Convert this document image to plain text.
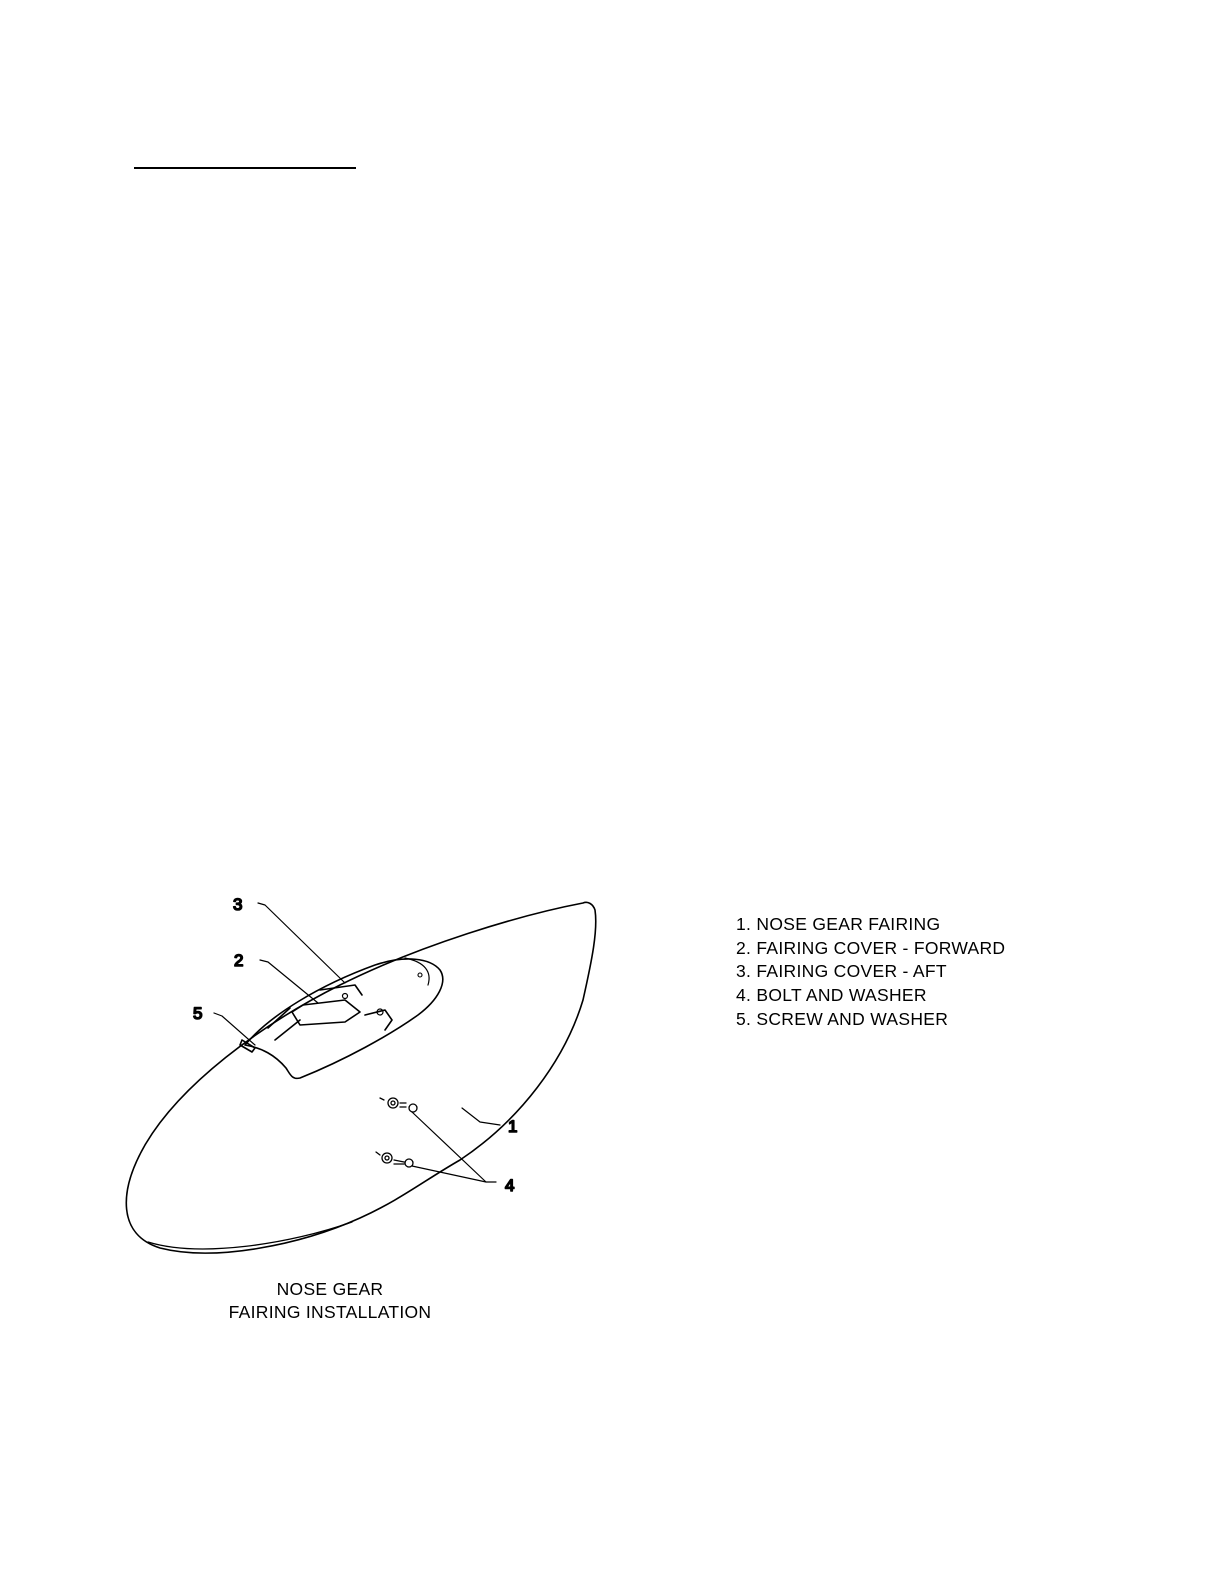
3
2
5
1
4
1. NOSE GEAR FAIRING
2. FAIRING COVER - FORWARD
3. FAIRING COVER - AFT
4. BOLT AND WASHER
5. SCREW AND WASHER
NOSE GEAR
FAIRING INSTALLATION
